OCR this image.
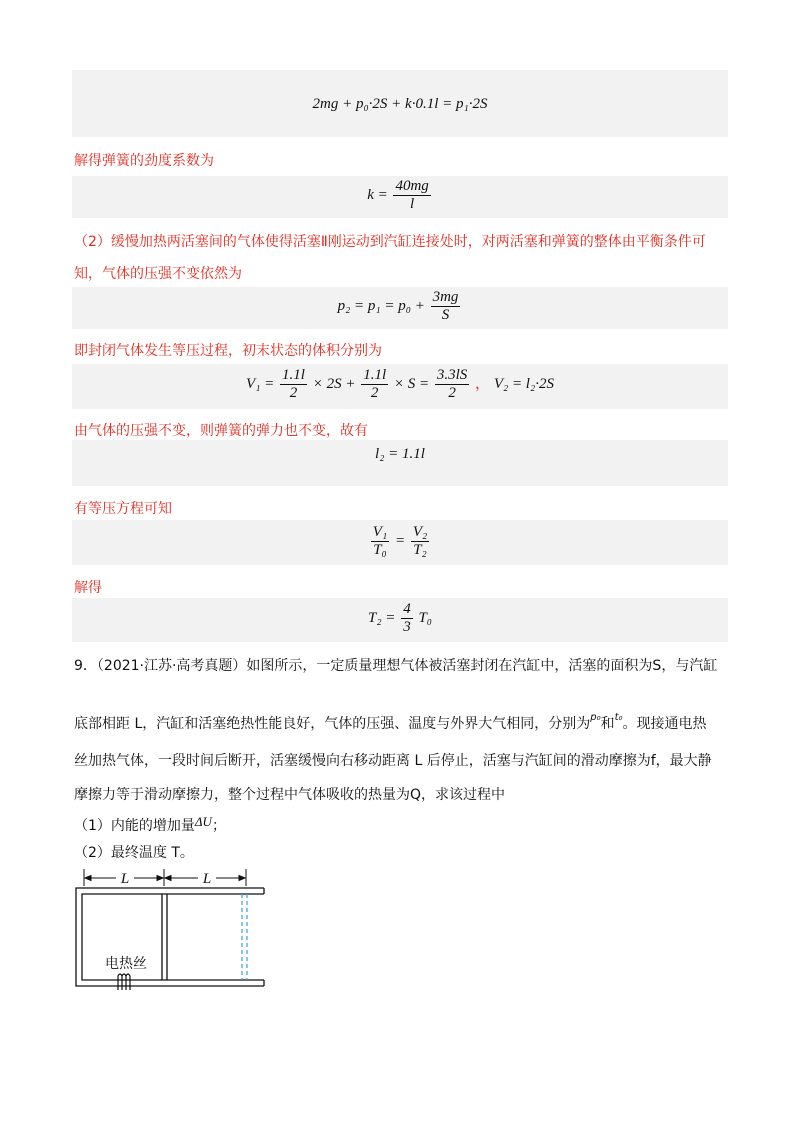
2mg + p₀·2S + k·0.1l = p₁·2S
解得弹簧的劲度系数为
$k = \frac{40mg}{l}$
（2）缓慢加热两活塞间的气体使得活塞Ⅱ刚运动到汽缸连接处时，对两活塞和弹簧的整体由平衡条件可
知，气体的压强不变依然为
$p_2 = p_1 = p_0 + \frac{3mg}{S}$
即封闭气体发生等压过程，初末状态的体积分别为
$V_1 = \frac{1.1l}{2} \times 2S + \frac{1.1l}{2} \times S = \frac{3.3lS}{2}$ ， V₂ = l₂·2S
由气体的压强不变，则弹簧的弹力也不变，故有
l₂ = 1.1l
有等压方程可知
$\frac{\text{V₁}}{\text{T₀}} = \frac{\text{V₂}}{\text{T₂}}$
解得
$T_2 = \frac{4}{3} T_0$
9．（2021·江苏·高考真题）如图所示，一定质量理想气体被活塞封闭在汽缸中，活塞的面积为S，与汽缸
底部相距 L，汽缸和活塞绝热性能良好，气体的压强、温度与外界大气相同，分别为$^{p_0}$和$^{t_0}$。现接通电热
丝加热气体，一段时间后断开，活塞缓慢向右移动距离 L 后停止，活塞与汽缸间的滑动摩擦为f，最大静
摩擦力等于滑动摩擦力，整个过程中气体吸收的热量为Q，求该过程中
（1）内能的增加量ΔU；
（2）最终温度 T。
L	L
电热丝
